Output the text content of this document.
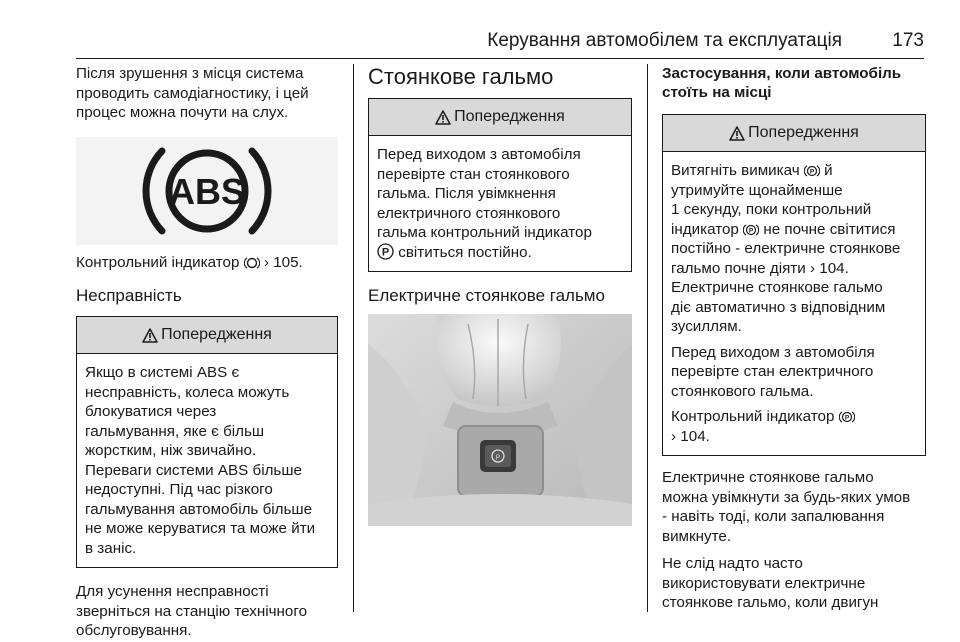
Керування автомобілем та експлуатація	173

Після зрушення з місця система
проводить самодіагностику, і цей
процес можна почути на слух.

ABS

Контрольний індикатор › 105.

Несправність
Попередження

Якщо в системі ABS є
несправність, колеса можуть
блокуватися через
гальмування, яке є більш
жорстким, ніж звичайно.
Переваги системи ABS більше
недоступні. Під час різкого
гальмування автомобіль більше
не може керуватися та може йти
в заніс.

Для усунення несправності
зверніться на станцію технічного
обслуговування.

Стоянкове гальмо
Попередження

Перед виходом з автомобіля
перевірте стан стоянкового
гальма. Після увімкнення
електричного стоянкового
гальма контрольний індикатор

P світиться постійно.

Електричне стоянкове гальмо
P
Застосування, коли автомобіль
стоїть на місці
Попередження

Витягніть вимикач P й
утримуйте щонайменше
1 секунду, поки контрольний
індикатор P не почне світитися
постійно - електричне стоянкове
гальмо почне діяти › 104.
Електричне стоянкове гальмо
діє автоматично з відповідним
зусиллям.

Перед виходом з автомобіля
перевірте стан електричного
стоянкового гальма.

Контрольний індикатор P

› 104.

Електричне стоянкове гальмо
можна увімкнути за будь-яких умов
- навіть тоді, коли запалювання
вимкнуте.

Не слід надто часто
використовувати електричне
стоянкове гальмо, коли двигун
